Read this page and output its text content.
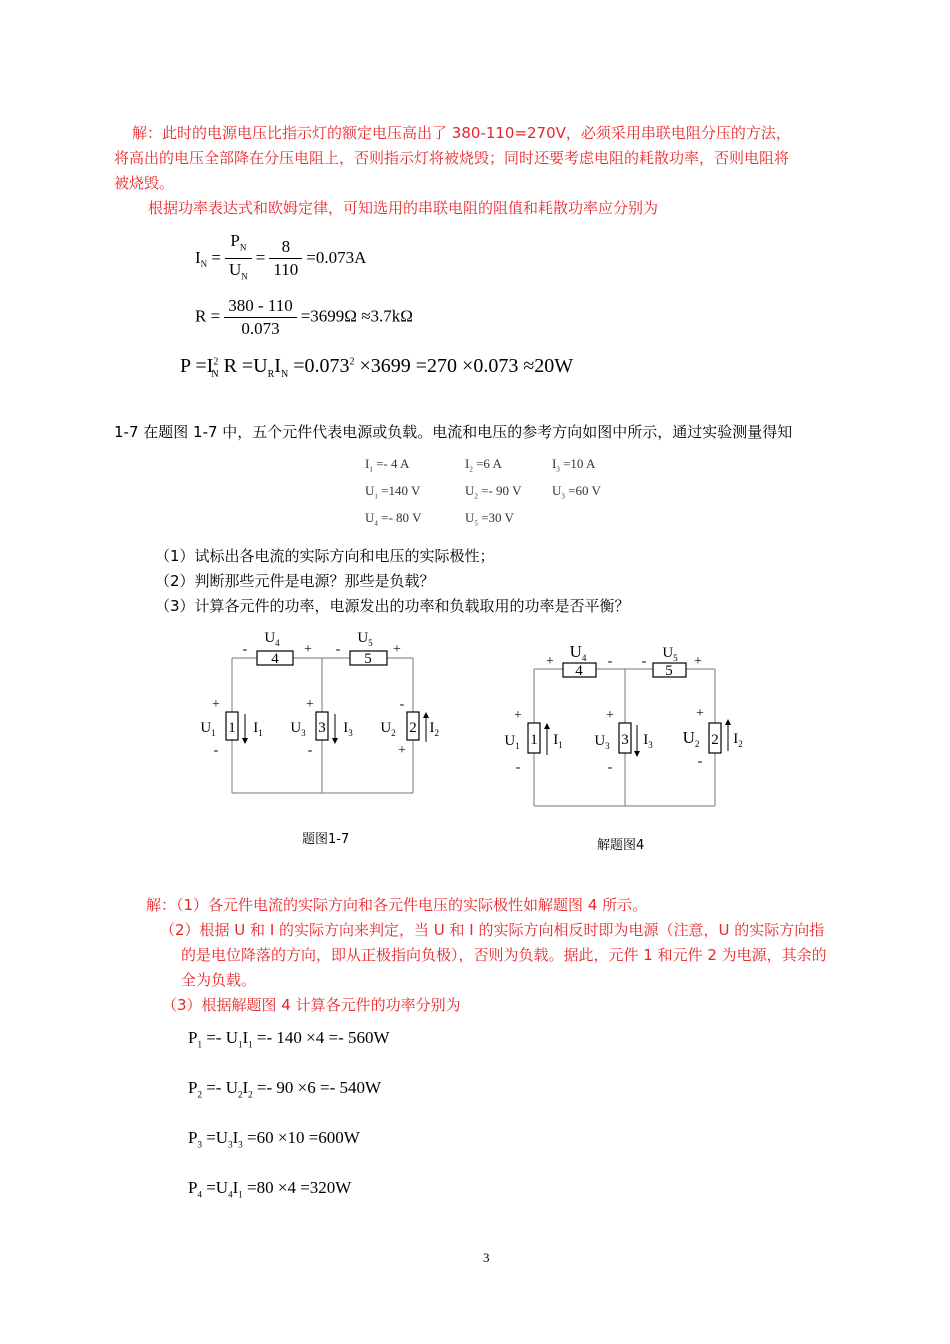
解：此时的电源电压比指示灯的额定电压高出了 380-110=270V，必须采用串联电阻分压的方法，
将高出的电压全部降在分压电阻上，否则指示灯将被烧毁；同时还要考虑电阻的耗散功率，否则电阻将
被烧毁。
根据功率表达式和欧姆定律，可知选用的串联电阻的阻值和耗散功率应分别为
$I_N = \frac{P_N}{U_N} = \frac{8}{110} =0.073A$
$R = \frac{380 - 110}{0.073} =3699\Omega \approx 3.7k\Omega$
$P =I^2_N$ $R =U_RI_N =0.073^2 \times 3699 =270 \times 0.073 \approx 20W$
1-7 在题图 1-7 中，五个元件代表电源或负载。电流和电压的参考方向如图中所示，通过实验测量得知
$I_1 =- 4$ A	$I_2 =6$ A	$I_3 =10$ A
$U_1 =140$ V	$U_2 =- 90$ V $U_3 =60$ V
$U_4 =- 80$ V	$U_5 =30$ V
（1）试标出各电流的实际方向和电压的实际极性；
（2）判断那些元件是电源？那些是负载？
（3）计算各元件的功率，电源发出的功率和负载取用的功率是否平衡？
4	5
1	3	2
$U_4$	$U_5$
$U_1$	$U_3$	$U_2$
$I_1$	$I_3$	$I_2$
-	+ -	+
+
-
+
-
-
+
题图1-7
4	5
1	3	2
$U_4$	$U_5$
$U_1$	$U_3$	$U_2$
$I_1$	$I_3$	$I_2$
+	- -	+
+
-
+
-
+
-
解题图4
解：（1）各元件电流的实际方向和各元件电压的实际极性如解题图 4 所示。
（2）根据 U 和 I 的实际方向来判定，当 U 和 I 的实际方向相反时即为电源（注意，U 的实际方向指
的是电位降落的方向，即从正极指向负极），否则为负载。据此，元件 1 和元件 2 为电源，其余的
全为负载。
（3）根据解题图 4 计算各元件的功率分别为
$P_1 =- U_1I_1 =- 140 \times 4 =- 560W$
$P_2 =- U_2I_2 =- 90 \times 6 =- 540W$
$P_3 =U_3I_3 =60 \times 10 =600W$
$P_4 =U_4I_1 =80 \times 4 =320W$
3
